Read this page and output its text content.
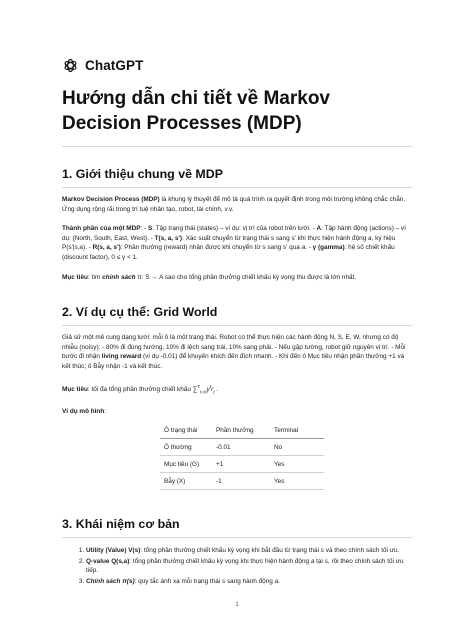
ChatGPT
Hướng dẫn chi tiết về Markov Decision Processes (MDP)
1. Giới thiệu chung về MDP

Markov Decision Process (MDP) là khung lý thuyết để mô tả quá trình ra quyết định trong môi trường không chắc chắn. Ứng dụng rộng rãi trong trí tuệ nhân tạo, robot, tài chính, v.v.

Thành phần của một MDP: - S: Tập trạng thái (states) – ví dụ: vị trí của robot trên lưới. - A: Tập hành động (actions) – ví dụ: {North, South, East, West}. - T(s, a, s'): Xác suất chuyển từ trạng thái s sang s' khi thực hiện hành động a, ký hiệu P(s'|s,a). - R(s, a, s'): Phần thưởng (reward) nhận được khi chuyển từ s sang s' qua a. - γ (gamma): hệ số chiết khấu (discount factor), 0 ≤ γ < 1.

Mục tiêu: tìm chính sách π: S → A sao cho tổng phần thưởng chiết khấu kỳ vọng thu được là lớn nhất.

2. Ví dụ cụ thể: Grid World

Giả sử một mê cung dạng lưới: mỗi ô là một trạng thái. Robot có thể thực hiện các hành động N, S, E, W, nhưng có độ nhiễu (noisy): - 80% đi đúng hướng, 10% đi lệch sang trái, 10% sang phải. - Nếu gặp tường, robot giữ nguyên vị trí. - Mỗi bước đi nhận living reward (ví dụ -0.01) để khuyến khích đến đích nhanh. - Khi đến ô Mục tiêu nhận phần thưởng +1 và kết thúc; ô Bẫy nhận -1 và kết thúc.

Mục tiêu: tối đa tổng phần thưởng chiết khấu $\sum^T_{t=0}\gamma^tr_t$ .

Ví dụ mô hình:

Ô trạng thái	Phần thưởng	Terminal
Ô thường	-0.01	No
Mục tiêu (G)	+1	Yes
Bẫy (X)	-1	Yes
3. Khái niệm cơ bản
1. Utility (Value) V(s): tổng phần thưởng chiết khấu kỳ vọng khi bắt đầu từ trạng thái s và theo chính sách tối ưu.
2. Q-value Q(s,a): tổng phần thưởng chiết khấu kỳ vọng khi thực hiện hành động a tại s, rồi theo chính sách tối ưu tiếp.
3. Chính sách π(s): quy tắc ánh xạ mỗi trạng thái s sang hành động a.
1
